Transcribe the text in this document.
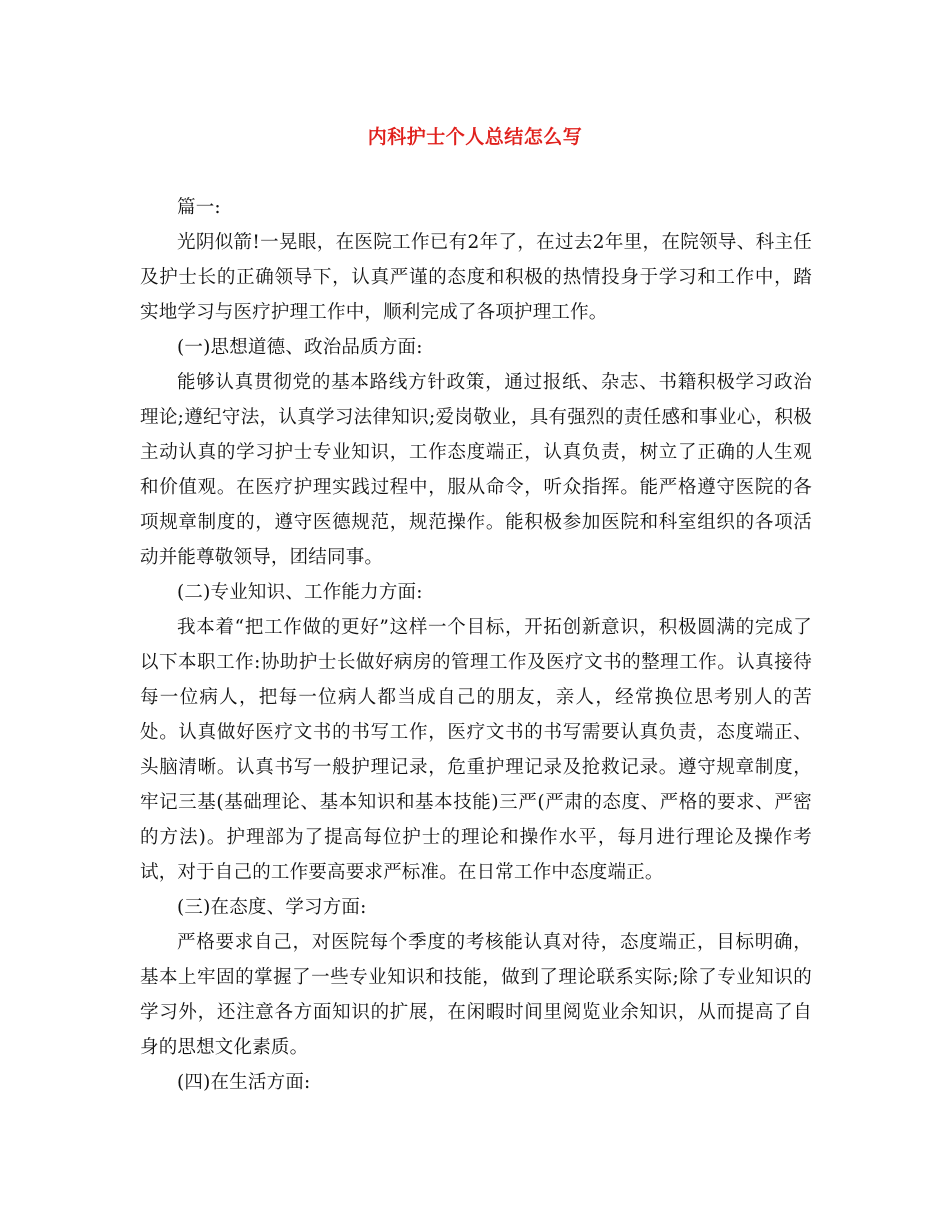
内科护士个人总结怎么写

篇一:

光阴似箭!一晃眼，在医院工作已有2年了，在过去2年里，在院领导、科主任及护士长的正确领导下，认真严谨的态度和积极的热情投身于学习和工作中，踏实地学习与医疗护理工作中，顺利完成了各项护理工作。

(一)思想道德、政治品质方面:

能够认真贯彻党的基本路线方针政策，通过报纸、杂志、书籍积极学习政治理论;遵纪守法，认真学习法律知识;爱岗敬业，具有强烈的责任感和事业心，积极主动认真的学习护士专业知识，工作态度端正，认真负责，树立了正确的人生观和价值观。在医疗护理实践过程中，服从命令，听众指挥。能严格遵守医院的各项规章制度的，遵守医德规范，规范操作。能积极参加医院和科室组织的各项活动并能尊敬领导，团结同事。

(二)专业知识、工作能力方面:

我本着“把工作做的更好”这样一个目标，开拓创新意识，积极圆满的完成了以下本职工作:协助护士长做好病房的管理工作及医疗文书的整理工作。认真接待每一位病人，把每一位病人都当成自己的朋友，亲人，经常换位思考别人的苦处。认真做好医疗文书的书写工作，医疗文书的书写需要认真负责，态度端正、头脑清晰。认真书写一般护理记录，危重护理记录及抢救记录。遵守规章制度，牢记三基(基础理论、基本知识和基本技能)三严(严肃的态度、严格的要求、严密的方法)。护理部为了提高每位护士的理论和操作水平，每月进行理论及操作考试，对于自己的工作要高要求严标准。在日常工作中态度端正。

(三)在态度、学习方面:

严格要求自己，对医院每个季度的考核能认真对待，态度端正，目标明确，基本上牢固的掌握了一些专业知识和技能，做到了理论联系实际;除了专业知识的学习外，还注意各方面知识的扩展，在闲暇时间里阅览业余知识，从而提高了自身的思想文化素质。

(四)在生活方面:
